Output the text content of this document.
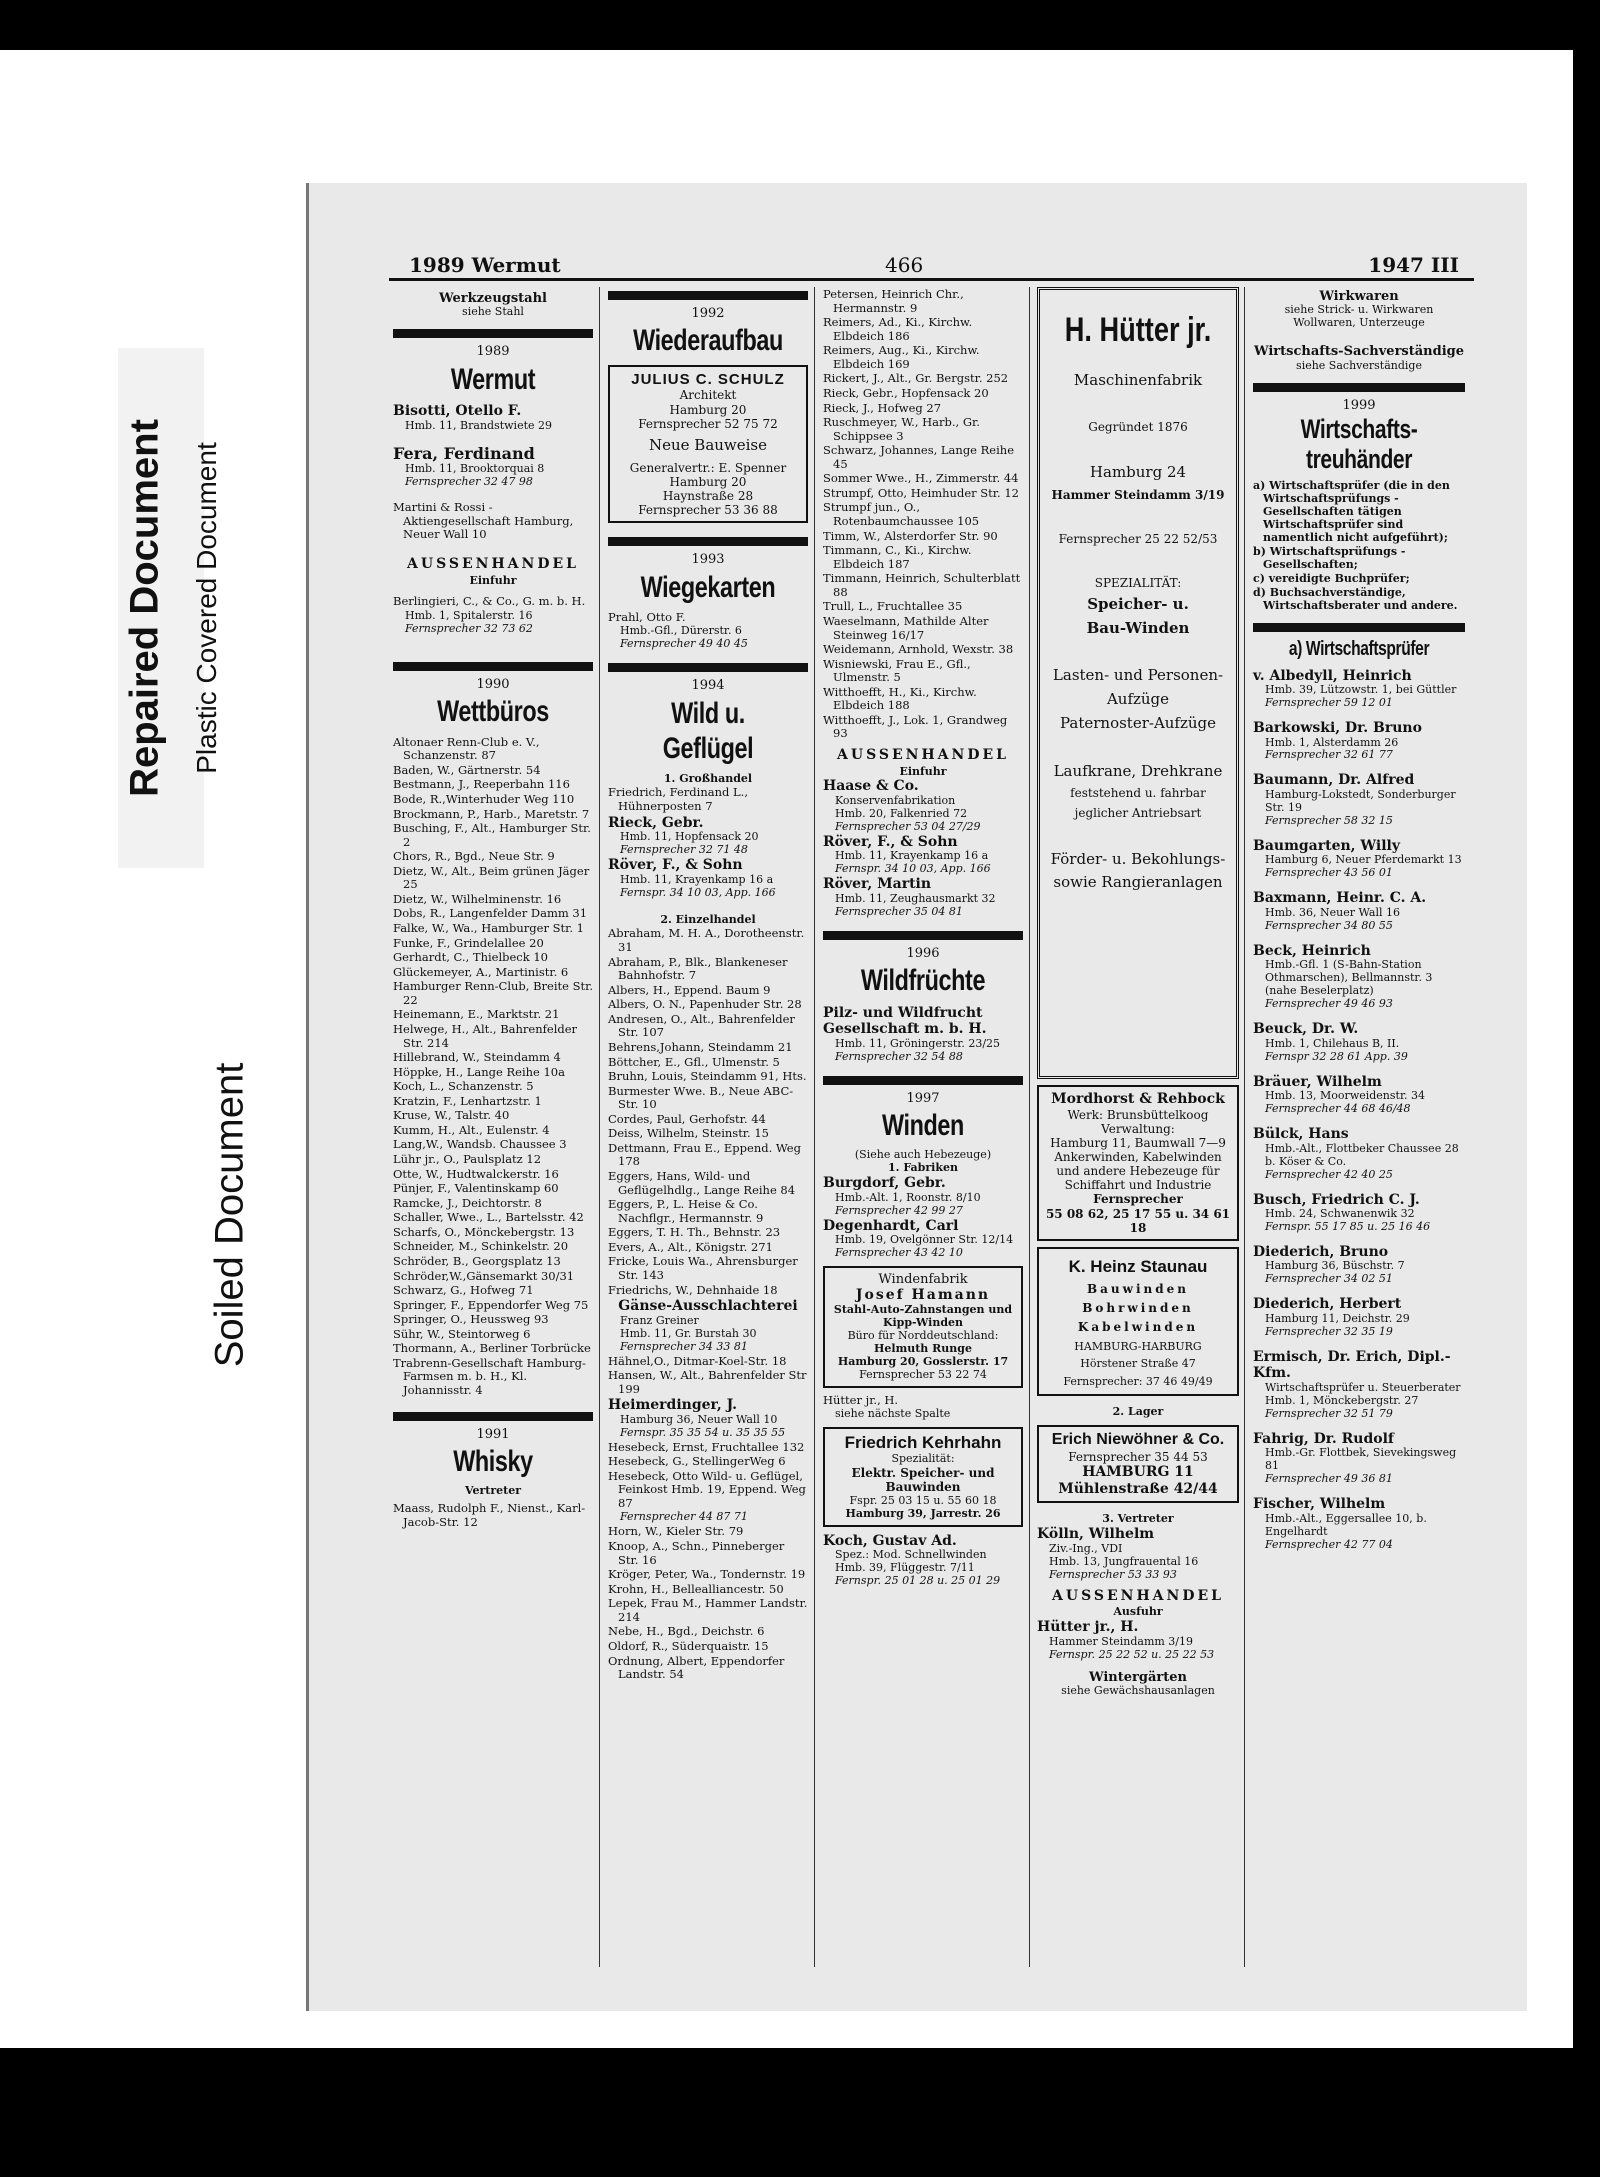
Repaired Document Plastic Covered Document
Soiled Document
1989 Wermut	466	1947 III
Werkzeugstahl
siehe Stahl
1989
Wermut
Bisotti, Otello F.
Hmb. 11, Brandstwiete 29
Fera, Ferdinand
Hmb. 11, Brooktorquai 8
Fernsprecher 32 47 98
Martini & Rossi - Aktiengesellschaft Hamburg, Neuer Wall 10
AUSSENHANDEL
Einfuhr
Berlingieri, C., & Co., G. m. b. H.
Hmb. 1, Spitalerstr. 16
Fernsprecher 32 73 62
1990
Wettbüros
Altonaer Renn-Club e. V., Schanzenstr. 87
Baden, W., Gärtnerstr. 54
Bestmann, J., Reeperbahn 116
Bode, R.,Winterhuder Weg 110
Brockmann, P., Harb., Maretstr. 7
Busching, F., Alt., Hamburger Str. 2
Chors, R., Bgd., Neue Str. 9
Dietz, W., Alt., Beim grünen Jäger 25
Dietz, W., Wilhelminenstr. 16
Dobs, R., Langenfelder Damm 31
Falke, W., Wa., Hamburger Str. 1
Funke, F., Grindelallee 20
Gerhardt, C., Thielbeck 10
Glückemeyer, A., Martinistr. 6
Hamburger Renn-Club, Breite Str. 22
Heinemann, E., Marktstr. 21
Helwege, H., Alt., Bahrenfelder Str. 214
Hillebrand, W., Steindamm 4
Höppke, H., Lange Reihe 10a
Koch, L., Schanzenstr. 5
Kratzin, F., Lenhartzstr. 1
Kruse, W., Talstr. 40
Kumm, H., Alt., Eulenstr. 4
Lang,W., Wandsb. Chaussee 3
Lühr jr., O., Paulsplatz 12
Otte, W., Hudtwalckerstr. 16
Pünjer, F., Valentinskamp 60
Ramcke, J., Deichtorstr. 8
Schaller, Wwe., L., Bartelsstr. 42
Scharfs, O., Mönckebergstr. 13
Schneider, M., Schinkelstr. 20
Schröder, B., Georgsplatz 13
Schröder,W.,Gänsemarkt 30/31
Schwarz, G., Hofweg 71
Springer, F., Eppendorfer Weg 75
Springer, O., Heussweg 93
Sühr, W., Steintorweg 6
Thormann, A., Berliner Torbrücke
Trabrenn-Gesellschaft Hamburg-Farmsen m. b. H., Kl. Johannisstr. 4
1991
Whisky
Vertreter
Maass, Rudolph F., Nienst., Karl-Jacob-Str. 12
1992
Wiederaufbau
JULIUS C. SCHULZ
Architekt
Hamburg 20
Fernsprecher 52 75 72
Neue Bauweise
Generalvertr.: E. Spenner
Hamburg 20
Haynstraße 28
Fernsprecher 53 36 88
1993
Wiegekarten
Prahl, Otto F.
Hmb.-Gfl., Dürerstr. 6
Fernsprecher 49 40 45
1994
Wild u. Geflügel
1. Großhandel
Friedrich, Ferdinand L., Hühnerposten 7
Rieck, Gebr.
Hmb. 11, Hopfensack 20
Fernsprecher 32 71 48
Röver, F., & Sohn
Hmb. 11, Krayenkamp 16 a
Fernspr. 34 10 03, App. 166
2. Einzelhandel
Abraham, M. H. A., Dorotheenstr. 31
Abraham, P., Blk., Blankeneser Bahnhofstr. 7
Albers, H., Eppend. Baum 9
Albers, O. N., Papenhuder Str. 28
Andresen, O., Alt., Bahrenfelder Str. 107
Behrens,Johann, Steindamm 21
Böttcher, E., Gfl., Ulmenstr. 5
Bruhn, Louis, Steindamm 91, Hts.
Burmester Wwe. B., Neue ABC-Str. 10
Cordes, Paul, Gerhofstr. 44
Deiss, Wilhelm, Steinstr. 15
Dettmann, Frau E., Eppend. Weg 178
Eggers, Hans, Wild- und Geflügelhdlg., Lange Reihe 84
Eggers, P., L. Heise & Co. Nachflgr., Hermannstr. 9
Eggers, T. H. Th., Behnstr. 23
Evers, A., Alt., Königstr. 271
Fricke, Louis Wa., Ahrensburger Str. 143
Friedrichs, W., Dehnhaide 18
Gänse-Ausschlachterei
Franz Greiner
Hmb. 11, Gr. Burstah 30
Fernsprecher 34 33 81
Hähnel,O., Ditmar-Koel-Str. 18
Hansen, W., Alt., Bahrenfelder Str 199
Heimerdinger, J.
Hamburg 36, Neuer Wall 10
Fernspr. 35 35 54 u. 35 35 55
Hesebeck, Ernst, Fruchtallee 132
Hesebeck, G., StellingerWeg 6
Hesebeck, Otto Wild- u. Geflügel, Feinkost Hmb. 19, Eppend. Weg 87
Fernsprecher 44 87 71
Horn, W., Kieler Str. 79
Knoop, A., Schn., Pinneberger Str. 16
Kröger, Peter, Wa., Tondernstr. 19
Krohn, H., Bellealliancestr. 50
Lepek, Frau M., Hammer Landstr. 214
Nebe, H., Bgd., Deichstr. 6
Oldorf, R., Süderquaistr. 15
Ordnung, Albert, Eppendorfer Landstr. 54
Petersen, Heinrich Chr., Hermannstr. 9
Reimers, Ad., Ki., Kirchw. Elbdeich 186
Reimers, Aug., Ki., Kirchw. Elbdeich 169
Rickert, J., Alt., Gr. Bergstr. 252
Rieck, Gebr., Hopfensack 20
Rieck, J., Hofweg 27
Ruschmeyer, W., Harb., Gr. Schippsee 3
Schwarz, Johannes, Lange Reihe 45
Sommer Wwe., H., Zimmerstr. 44
Strumpf, Otto, Heimhuder Str. 12
Strumpf jun., O., Rotenbaumchaussee 105
Timm, W., Alsterdorfer Str. 90
Timmann, C., Ki., Kirchw. Elbdeich 187
Timmann, Heinrich, Schulterblatt 88
Trull, L., Fruchtallee 35
Waeselmann, Mathilde Alter Steinweg 16/17
Weidemann, Arnhold, Wexstr. 38
Wisniewski, Frau E., Gfl., Ulmenstr. 5
Witthoefft, H., Ki., Kirchw. Elbdeich 188
Witthoefft, J., Lok. 1, Grandweg 93
AUSSENHANDEL
Einfuhr
Haase & Co.
Konservenfabrikation
Hmb. 20, Falkenried 72
Fernsprecher 53 04 27/29
Röver, F., & Sohn
Hmb. 11, Krayenkamp 16 a
Fernspr. 34 10 03, App. 166
Röver, Martin
Hmb. 11, Zeughausmarkt 32
Fernsprecher 35 04 81
1996
Wildfrüchte
Pilz- und Wildfrucht Gesellschaft m. b. H.
Hmb. 11, Gröningerstr. 23/25
Fernsprecher 32 54 88
1997
Winden
(Siehe auch Hebezeuge)
1. Fabriken
Burgdorf, Gebr.
Hmb.-Alt. 1, Roonstr. 8/10
Fernsprecher 42 99 27
Degenhardt, Carl
Hmb. 19, Ovelgönner Str. 12/14
Fernsprecher 43 42 10
Windenfabrik
Josef Hamann
Stahl-Auto-Zahnstangen und Kipp-Winden
Büro für Norddeutschland:
Helmuth Runge
Hamburg 20, Gosslerstr. 17
Fernsprecher 53 22 74
Hütter jr., H.
siehe nächste Spalte
Friedrich Kehrhahn
Spezialität:
Elektr. Speicher- und Bauwinden
Fspr. 25 03 15 u. 55 60 18
Hamburg 39, Jarrestr. 26
Koch, Gustav Ad.
Spez.: Mod. Schnellwinden
Hmb. 39, Flüggestr. 7/11
Fernspr. 25 01 28 u. 25 01 29
H. Hütter jr.

Maschinenfabrik

Gegründet 1876

Hamburg 24

Hammer Steindamm 3/19

Fernsprecher 25 22 52/53

SPEZIALITÄT:

Speicher- u.

Bau-Winden

Lasten- und Personen-

Aufzüge

Paternoster-Aufzüge

Laufkrane, Drehkrane

feststehend u. fahrbar

jeglicher Antriebsart

Förder- u. Bekohlungs-

sowie Rangieranlagen

Mordhorst & Rehbock
Werk: Brunsbüttelkoog
Verwaltung:
Hamburg 11, Baumwall 7—9
Ankerwinden, Kabelwinden und andere Hebezeuge für Schiffahrt und Industrie
Fernsprecher
55 08 62, 25 17 55 u. 34 61 18
K. Heinz Staunau
Bauwinden
Bohrwinden
Kabelwinden
HAMBURG-HARBURG
Hörstener Straße 47
Fernsprecher: 37 46 49/49
2. Lager
Erich Niewöhner & Co.
Fernsprecher 35 44 53
HAMBURG 11
Mühlenstraße 42/44
3. Vertreter
Kölln, Wilhelm
Ziv.-Ing., VDI
Hmb. 13, Jungfrauental 16
Fernsprecher 53 33 93
AUSSENHANDEL
Ausfuhr
Hütter jr., H.
Hammer Steindamm 3/19
Fernspr. 25 22 52 u. 25 22 53
Wintergärten
siehe Gewächshausanlagen
Wirkwaren
siehe Strick- u. Wirkwaren Wollwaren, Unterzeuge
Wirtschafts-Sachverständige
siehe Sachverständige
1999
Wirtschafts-treuhänder
a) Wirtschaftsprüfer (die in den Wirtschaftsprüfungs - Gesellschaften tätigen Wirtschaftsprüfer sind namentlich nicht aufgeführt);
b) Wirtschaftsprüfungs - Gesellschaften;
c) vereidigte Buchprüfer;
d) Buchsachverständige, Wirtschaftsberater und andere.
a) Wirtschaftsprüfer
v. Albedyll, Heinrich
Hmb. 39, Lützowstr. 1, bei Güttler
Fernsprecher 59 12 01
Barkowski, Dr. Bruno
Hmb. 1, Alsterdamm 26
Fernsprecher 32 61 77
Baumann, Dr. Alfred
Hamburg-Lokstedt, Sonderburger Str. 19
Fernsprecher 58 32 15
Baumgarten, Willy
Hamburg 6, Neuer Pferdemarkt 13
Fernsprecher 43 56 01
Baxmann, Heinr. C. A.
Hmb. 36, Neuer Wall 16
Fernsprecher 34 80 55
Beck, Heinrich
Hmb.-Gfl. 1 (S-Bahn-Station Othmarschen), Bellmannstr. 3 (nahe Beselerplatz)
Fernsprecher 49 46 93
Beuck, Dr. W.
Hmb. 1, Chilehaus B, II.
Fernspr 32 28 61 App. 39
Bräuer, Wilhelm
Hmb. 13, Moorweidenstr. 34
Fernsprecher 44 68 46/48
Bülck, Hans
Hmb.-Alt., Flottbeker Chaussee 28 b. Köser & Co.
Fernsprecher 42 40 25
Busch, Friedrich C. J.
Hmb. 24, Schwanenwik 32
Fernspr. 55 17 85 u. 25 16 46
Diederich, Bruno
Hamburg 36, Büschstr. 7
Fernsprecher 34 02 51
Diederich, Herbert
Hamburg 11, Deichstr. 29
Fernsprecher 32 35 19
Ermisch, Dr. Erich, Dipl.-Kfm.
Wirtschaftsprüfer u. Steuerberater Hmb. 1, Mönckebergstr. 27
Fernsprecher 32 51 79
Fahrig, Dr. Rudolf
Hmb.-Gr. Flottbek, Sievekingsweg 81
Fernsprecher 49 36 81
Fischer, Wilhelm
Hmb.-Alt., Eggersallee 10, b. Engelhardt
Fernsprecher 42 77 04
